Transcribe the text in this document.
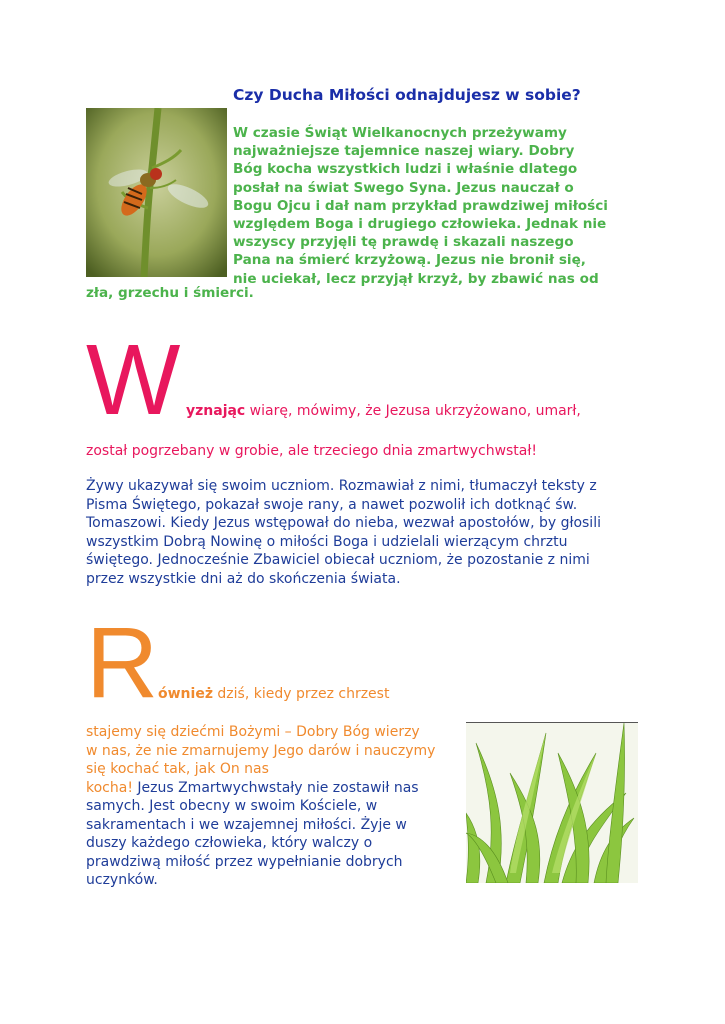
Czy Ducha Miłości odnajdujesz w sobie?
W czasie Świąt Wielkanocnych przeżywamy
najważniejsze tajemnice naszej wiary. Dobry
Bóg kocha wszystkich ludzi i właśnie dlatego
posłał na świat Swego Syna. Jezus nauczał o
Bogu Ojcu i dał nam przykład prawdziwej miłości
względem Boga i drugiego człowieka. Jednak nie
wszyscy przyjęli tę prawdę i skazali naszego
Pana na śmierć krzyżową. Jezus nie bronił się,
nie uciekał, lecz przyjął krzyż, by zbawić nas od
zła, grzechu i śmierci.
W yznając wiarę, mówimy, że Jezusa ukrzyżowano, umarł,
został pogrzebany w grobie, ale trzeciego dnia zmartwychwstał!
Żywy ukazywał się swoim uczniom. Rozmawiał z nimi, tłumaczył teksty z
Pisma Świętego, pokazał swoje rany, a nawet pozwolił ich dotknąć św.
Tomaszowi. Kiedy Jezus wstępował do nieba, wezwał apostołów, by głosili
wszystkim Dobrą Nowinę o miłości Boga i udzielali wierzącym chrztu
świętego. Jednocześnie Zbawiciel obiecał uczniom, że pozostanie z nimi
przez wszystkie dni aż do skończenia świata.
R ównież dziś, kiedy przez chrzest
stajemy się dziećmi Bożymi – Dobry Bóg wierzy
w nas, że nie zmarnujemy Jego darów i nauczymy
się kochać tak, jak On nas
kocha! Jezus Zmartwychwstały nie zostawił nas
samych. Jest obecny w swoim Kościele, w
sakramentach i we wzajemnej miłości. Żyje w
duszy każdego człowieka, który walczy o
prawdziwą miłość przez wypełnianie dobrych
uczynków.
